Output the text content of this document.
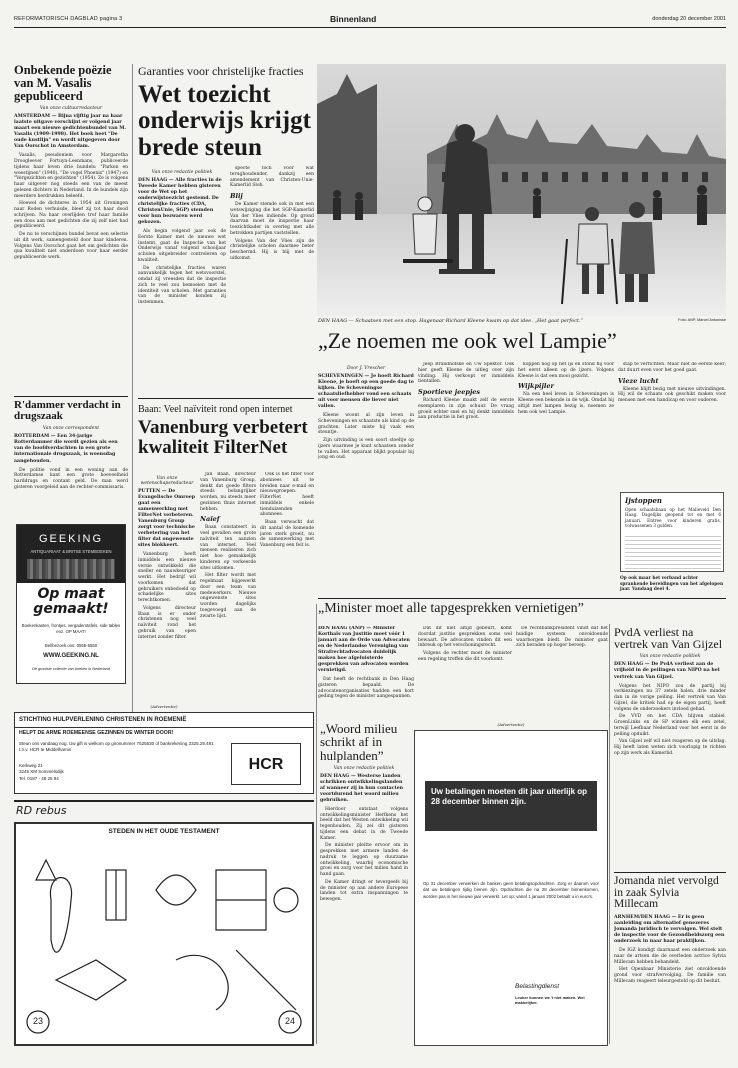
REFORMATORISCH DAGBLAD pagina 3	Binnenland	donderdag 20 december 2001
Onbekende poëzie van M. Vasalis gepubliceerd
Van onze cultuurredacteur
AMSTERDAM — Bijna vijftig jaar na haar laatste uitgave verschijnt er volgend jaar maart een nieuwe gedichtenbundel van M. Vasalis (1909-1998). Het boek heet "De oude kustlijn" en wordt uitgegeven door Van Oorschot in Amsterdam.

Vasalis, pseudoniem voor Margaretha Droogleever Fortuyn-Leenmans, publiceerde tijdens haar leven drie bundels: "Parken en woestijnen" (1940), "De vogel Phoenix" (1947) en "Vergezichten en gezichten" (1954). Ze is volgens haar uitgever nog steeds een van de meest gelezen dichters in Nederland. In de bundels zijn meerdere herdrukken beleefd.

Hoewel de dichteres in 1954 uit Groningen naar Roden verhuisde, bleef zij tot haar dood schrijven. Na haar overlijden trof haar familie een doos aan met gedichten die zij zelf niet had gepubliceerd.

De nu te verschijnen bundel bevat een selectie uit dit werk, samengesteld door haar kinderen. Volgens Van Oorschot gaat het om gedichten die qua kwaliteit niet onderdoen voor haar eerder gepubliceerde werk.

R'dammer verdacht in drugszaak
Van onze correspondent
ROTTERDAM — Een 34-jarige Rotterdammer die wordt gezien als een van de hoofdverdachten in een grote internationale drugszaak, is woensdag aangehouden.

De politie vond in een woning aan de Rotterdamse kant een grote hoeveelheid harddrugs en contant geld. De man werd gisteren voorgeleid aan de rechter-commissaris.

GEEKING
ANTIQUARIAAT & BRITSE STEMBOEKEN
Op maat
gemaakt!
Boekenkasten, frontjes, vergaderstafels, side tables enz. OP MAAT!
Bel/bezoek ons: 0555-5550
WWW.GEEKING.NL
De grootste collectie van boeken in Nederland
Garanties voor christelijke fracties
Wet toezicht onderwijs krijgt brede steun
Van onze redactie politiek
DEN HAAG — Alle fracties in de Tweede Kamer hebben gisteren voor de Wet op het onderwijstoezicht gestemd. De christelijke fracties (CDA, ChristenUnie, SGP) stemden voor hun bezwaren werd gekozen.

Als begin volgend jaar ook de Eerste Kamer met de nieuwe wet instemt, gaat de Inspectie van het Onderwijs vanaf volgend schooljaar scholen uitgebreider controleren op kwaliteit.

De christelijke fracties waren aanvankelijk tegen het wetsvoorstel, omdat zij vreesden dat de inspectie zich te veel zou bemoeien met de identiteit van scholen. Met garanties van de minister konden zij instemmen.

specte toch voor wat terughoudender, dankzij een amendement van Christen-Unie-Kamerlid Slob.

Blij

De Kamer stemde ook in met een wetswijziging die het SGP-Kamerlid Van der Vlies indiende. Op grond daarvan moet de inspectie haar toezichtkader in overleg met alle betrokken partijen vaststellen.

Volgens Van der Vlies zijn de christelijke scholen daarmee beter beschermd. Hij is blij met de uitkomst.

DEN HAAG — Schaatsen met een stop. Hagenaar Richard Kleene kwam op dat idee. „Het gaat perfect.”	Foto: ANP, Marcel Antonisse
„Ze noemen me ook wel Lampie”
Door J. Vrescher
SCHEVENINGEN — Je hoeft Richard Kleene, je hoeft op een goede dag te kijken. De Scheveningse schaatsliefhebber vond een schaats uit voor mensen die liever niet vallen.

Kleene woont al zijn leven in Scheveningen en schaatste als kind op de grachten. Later miste hij vaak een steuntje.

Zijn uitvinding is een soort stoeltje op ijzers waarmee je kunt schaatsen zonder te vallen. Het apparaat blijkt populair bij jong en oud.

Jeep Brandhofske en Uw Spektor. Ook hier geeft Kleene de uitleg over zijn vinding. Hij verkoopt er inmiddels tientallen.

Sportieve jeepjes

Richard Kleene maakt zelf de eerste exemplaren in zijn schuur. De vraag groeit echter snel en hij denkt inmiddels aan productie in het groot.

koppen nog op het ijs en stond hij voor het eerst alleen op de ijzers. Volgens Kleene is dat een mooi gezicht.

Wijkpijler

Na een heel leven in Scheveningen is Kleene een bekende in de wijk. Omdat hij altijd met lampen bezig is, noemen ze hem ook wel Lampie.

stap te verrichten. Maar niet de eerste keer; dat duurt even voor het goed gaat.

Vieze lucht

Kleene blijft bezig met nieuwe uitvindingen. Hij wil de schaats ook geschikt maken voor mensen met een handicap en voor ouderen.

Ijstoppen
Open schaatsbaan op het Malieveld Den Haag. Dagelijks geopend tot en met 6 januari. Entree voor kinderen gratis, volwassenen 3 gulden.
Op ook maar het verband achter sprankende bereidingen van het afgelopen jaar. Vandaag deel 4.
Baan: Veel naïviteit rond open internet
Vanenburg verbetert kwaliteit FilterNet
Van onze wetenschapsredacteur
PUTTEN — De Evangelische Omroep gaat een samenwerking met FilterNet verbeteren. Vanenburg Group zorgt voor technische verbetering van het filter dat ongewenste sites blokkeert.

Vanenburg heeft inmiddels een nieuwe versie ontwikkeld die sneller en nauwkeuriger werkt. Het bedrijf wil voorkomen dat gebruikers onbedoeld op schadelijke sites terechtkomen.

Volgens directeur Baan is er onder christenen nog veel naïviteit rond het gebruik van open internet zonder filter.

Jan Baan, directeur van Vanenburg Group, denkt dat goede filters steeds belangrijker worden, nu steeds meer gezinnen thuis internet hebben.

Naïef

Baan constateert in veel gevallen een grote naïviteit ten aanzien van internet. Veel mensen realiseren zich niet hoe gemakkelijk kinderen op verkeerde sites uitkomen.

Het filter wordt met regelmaat bijgewerkt door een team van medewerkers. Nieuwe ongewenste sites worden dagelijks toegevoegd aan de zwarte lijst.

Ook is het filter voor abonnees uit te breiden naar e-mail en nieuwsgroepen. FilterNet heeft inmiddels enkele tienduizenden abonnees.

Baan verwacht dat dit aantal de komende jaren sterk groeit, nu de samenwerking met Vanenburg een feit is.

„Minister moet alle tapgesprekken vernietigen”
DEN HAAG (ANP) — Minister Korthals van Justitie moet vóór 1 januari aan de Orde van Advocaten en de Nederlandse Vereniging van Strafrechtadvocaten duidelijk maken hoe afgeluisterde gesprekken van advocaten worden vernietigd.

Dat heeft de rechtbank in Den Haag gisteren bepaald. De advocatenorganisaties hadden een kort geding tegen de minister aangespannen.

Dat dit niet altijd gebeurt, komt doordat justitie gesprekken soms wel bewaart. De advocaten vinden dit een inbreuk op het verschoningsrecht.

Volgens de rechter moet de minister een regeling treffen die dit voorkomt.

De rechtbankpresident vindt dat het huidige systeem onvoldoende waarborgen biedt. De minister gaat zich beraden op hoger beroep.

PvdA verliest na vertrek van Van Gijzel
Van onze redactie politiek
DEN HAAG — De PvdA verliest aan de vrijheid in de peilingen van NIPO na het vertrek van Van Gijzel.

Volgens het NIPO zou de partij bij verkiezingen nu 37 zetels halen, drie minder dan in de vorige peiling. Het vertrek van Van Gijzel, die kritiek had op de eigen partij, heeft volgens de onderzoekers invloed gehad.

De VVD en het CDA blijven stabiel. GroenLinks en de SP winnen elk een zetel, terwijl Leefbaar Nederland voor het eerst in de peiling opduikt.

Van Gijzel zelf wil niet reageren op de uitslag. Hij heeft laten weten zich voorlopig te richten op zijn werk als Kamerlid.

Jomanda niet vervolgd in zaak Sylvia Millecam
ARNHEM/DEN HAAG — Er is geen aanleiding om alternatief genezeres Jomanda juridisch te vervolgen. Wel stelt de inspectie voor de Gezondheidszorg een onderzoek in naar haar praktijken.

De IGZ kondigt daarnaast een onderzoek aan naar de artsen die de overleden actrice Sylvia Millecam hebben behandeld.

Het Openbaar Ministerie ziet onvoldoende grond voor strafvervolging. De familie van Millecam reageert teleurgesteld op dit besluit.

(Advertentie)
STICHTING HULPVERLENING CHRISTENEN IN ROEMENIË
HELPT DE ARME ROEMEENSE GEZINNEN DE WINTER DOOR!
Steun ons vandaag nog. Uw gift is welkom op gironummer 7525530 of bankrekening 3325.29.491 t.n.v. HCR te Middelharnis
Kerkweg 21
3245 XM Sommelsdijk
Tel. 0187 - 48 25 94
HCR
RD rebus
STEDEN IN HET OUDE TESTAMENT
23	24
„Woord milieu schrikt af in hulplanden”
Van onze redactie politiek
DEN HAAG — Westerse landen schrikken ontwikkelingslanden af wanneer zij in hun contacten voortdurend het woord milieu gebruiken.

Hierdoor ontstaat volgens ontwikkelingsminister Herfkens het beeld dat het Westen ontwikkeling wil tegenhouden. Zij zei dit gisteren tijdens een debat in de Tweede Kamer.

De minister pleitte ervoor om in gesprekken met armere landen de nadruk te leggen op duurzame ontwikkeling, waarbij economische groei en zorg voor het milieu hand in hand gaan.

De Kamer dringt er tevergeefs bij de minister op aan andere Europese landen tot extra inspanningen te bewegen.

(Advertentie)
Uw betalingen moeten dit jaar uiterlijk op 28 december binnen zijn.
Op 31 december verwerken de banken geen betalingsopdrachten. Zorg er daarom voor dat uw betalingen tijdig binnen zijn. Opdrachten die na 28 december binnenkomen, worden pas in het nieuwe jaar verwerkt. Let op: vanaf 1 januari 2002 betaalt u in euro's.
Belastingdienst
Leuker kunnen we 't niet maken. Wel makkelijker.
